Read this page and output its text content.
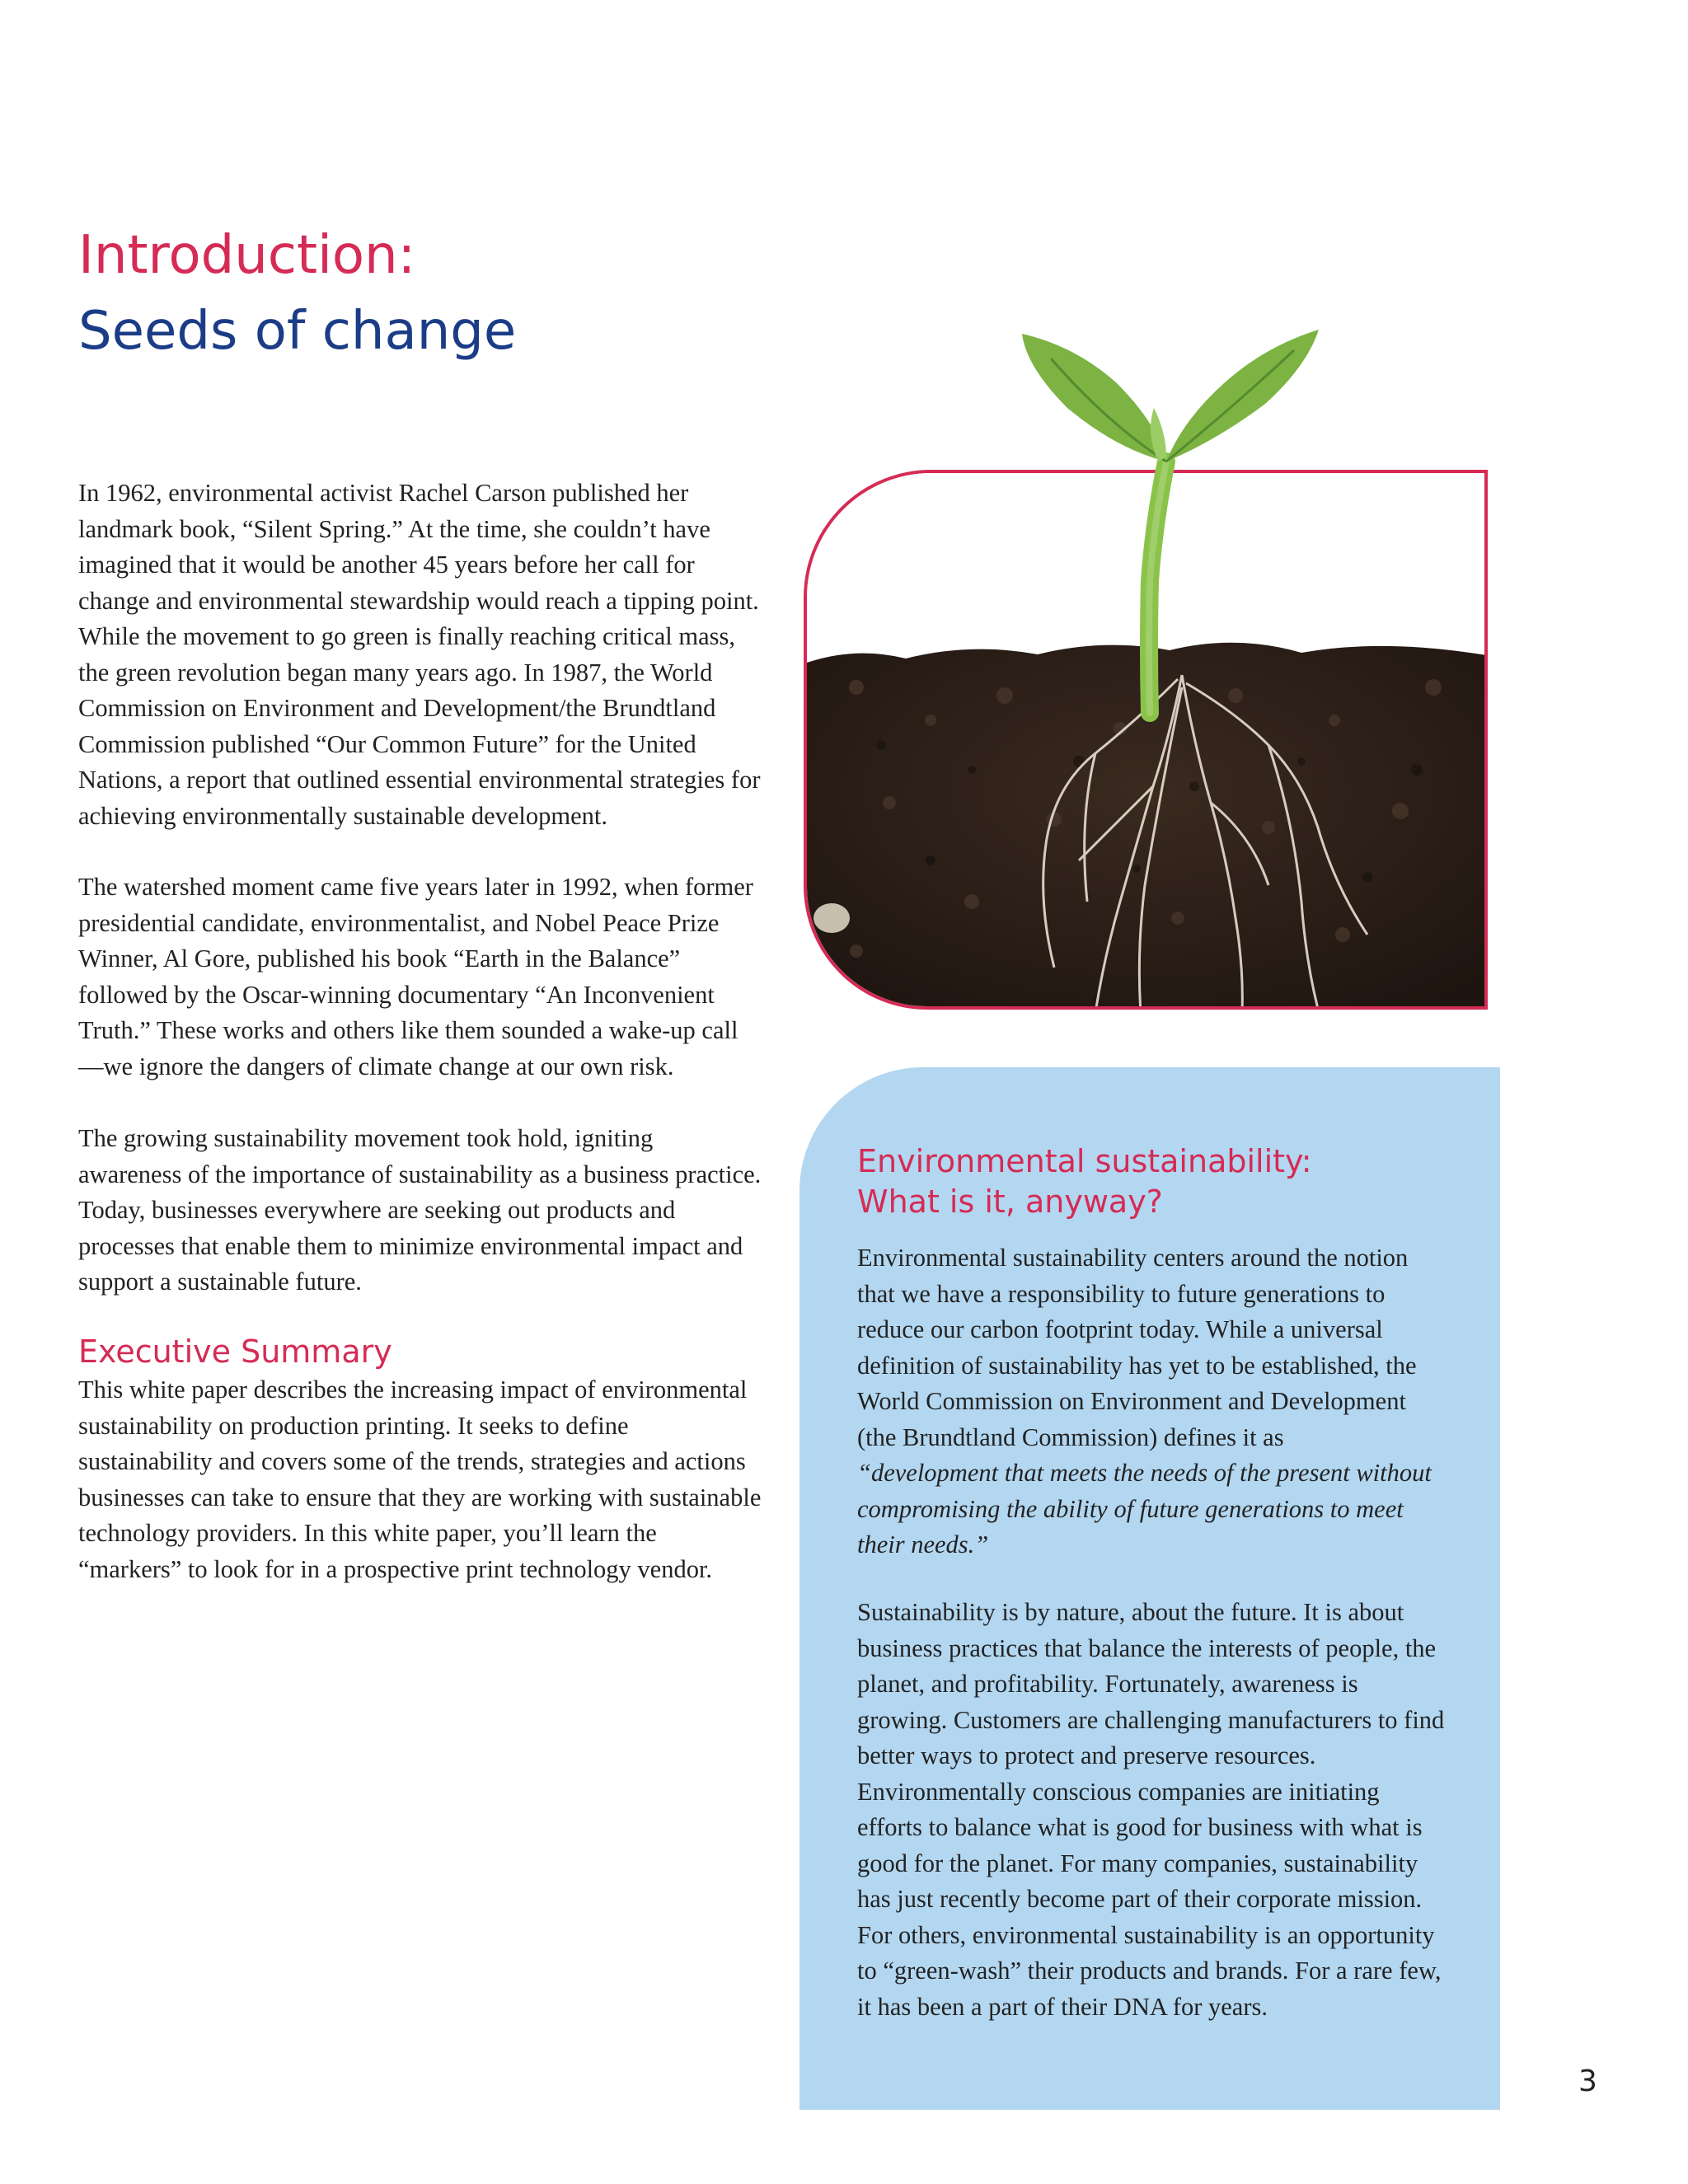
Introduction:
Seeds of change

In 1962, environmental activist Rachel Carson published her landmark book, “Silent Spring.” At the time, she couldn’t have imagined that it would be another 45 years before her call for change and environmental stewardship would reach a tipping point. While the movement to go green is finally reaching critical mass, the green revolution began many years ago. In 1987, the World Commission on Environment and Development/the Brundtland Commission published “Our Common Future” for the United Nations, a report that outlined essential environmental strategies for achieving environmentally sustainable development.

The watershed moment came five years later in 1992, when former presidential candidate, environmentalist, and Nobel Peace Prize Winner, Al Gore, published his book “Earth in the Balance” followed by the Oscar-winning documentary “An Inconvenient Truth.” These works and others like them sounded a wake-up call—we ignore the dangers of climate change at our own risk.

The growing sustainability movement took hold, igniting awareness of the importance of sustainability as a business practice. Today, businesses everywhere are seeking out products and processes that enable them to minimize environmental impact and support a sustainable future.

Executive Summary

This white paper describes the increasing impact of environmental sustainability on production printing. It seeks to define sustainability and covers some of the trends, strategies and actions businesses can take to ensure that they are working with sustainable technology providers. In this white paper, you’ll learn the “markers” to look for in a prospective print technology vendor.

Environmental sustainability:
What is it, anyway?

Environmental sustainability centers around the notion that we have a responsibility to future generations to reduce our carbon footprint today. While a universal definition of sustainability has yet to be established, the World Commission on Environment and Development (the Brundtland Commission) defines it as

“development that meets the needs of the present without compromising the ability of future generations to meet their needs.”

Sustainability is by nature, about the future. It is about business practices that balance the interests of people, the planet, and profitability. Fortunately, awareness is growing. Customers are challenging manufacturers to find better ways to protect and preserve resources. Environmentally conscious companies are initiating efforts to balance what is good for business with what is good for the planet. For many companies, sustainability has just recently become part of their corporate mission. For others, environmental sustainability is an opportunity to “green-wash” their products and brands. For a rare few, it has been a part of their DNA for years.

3
